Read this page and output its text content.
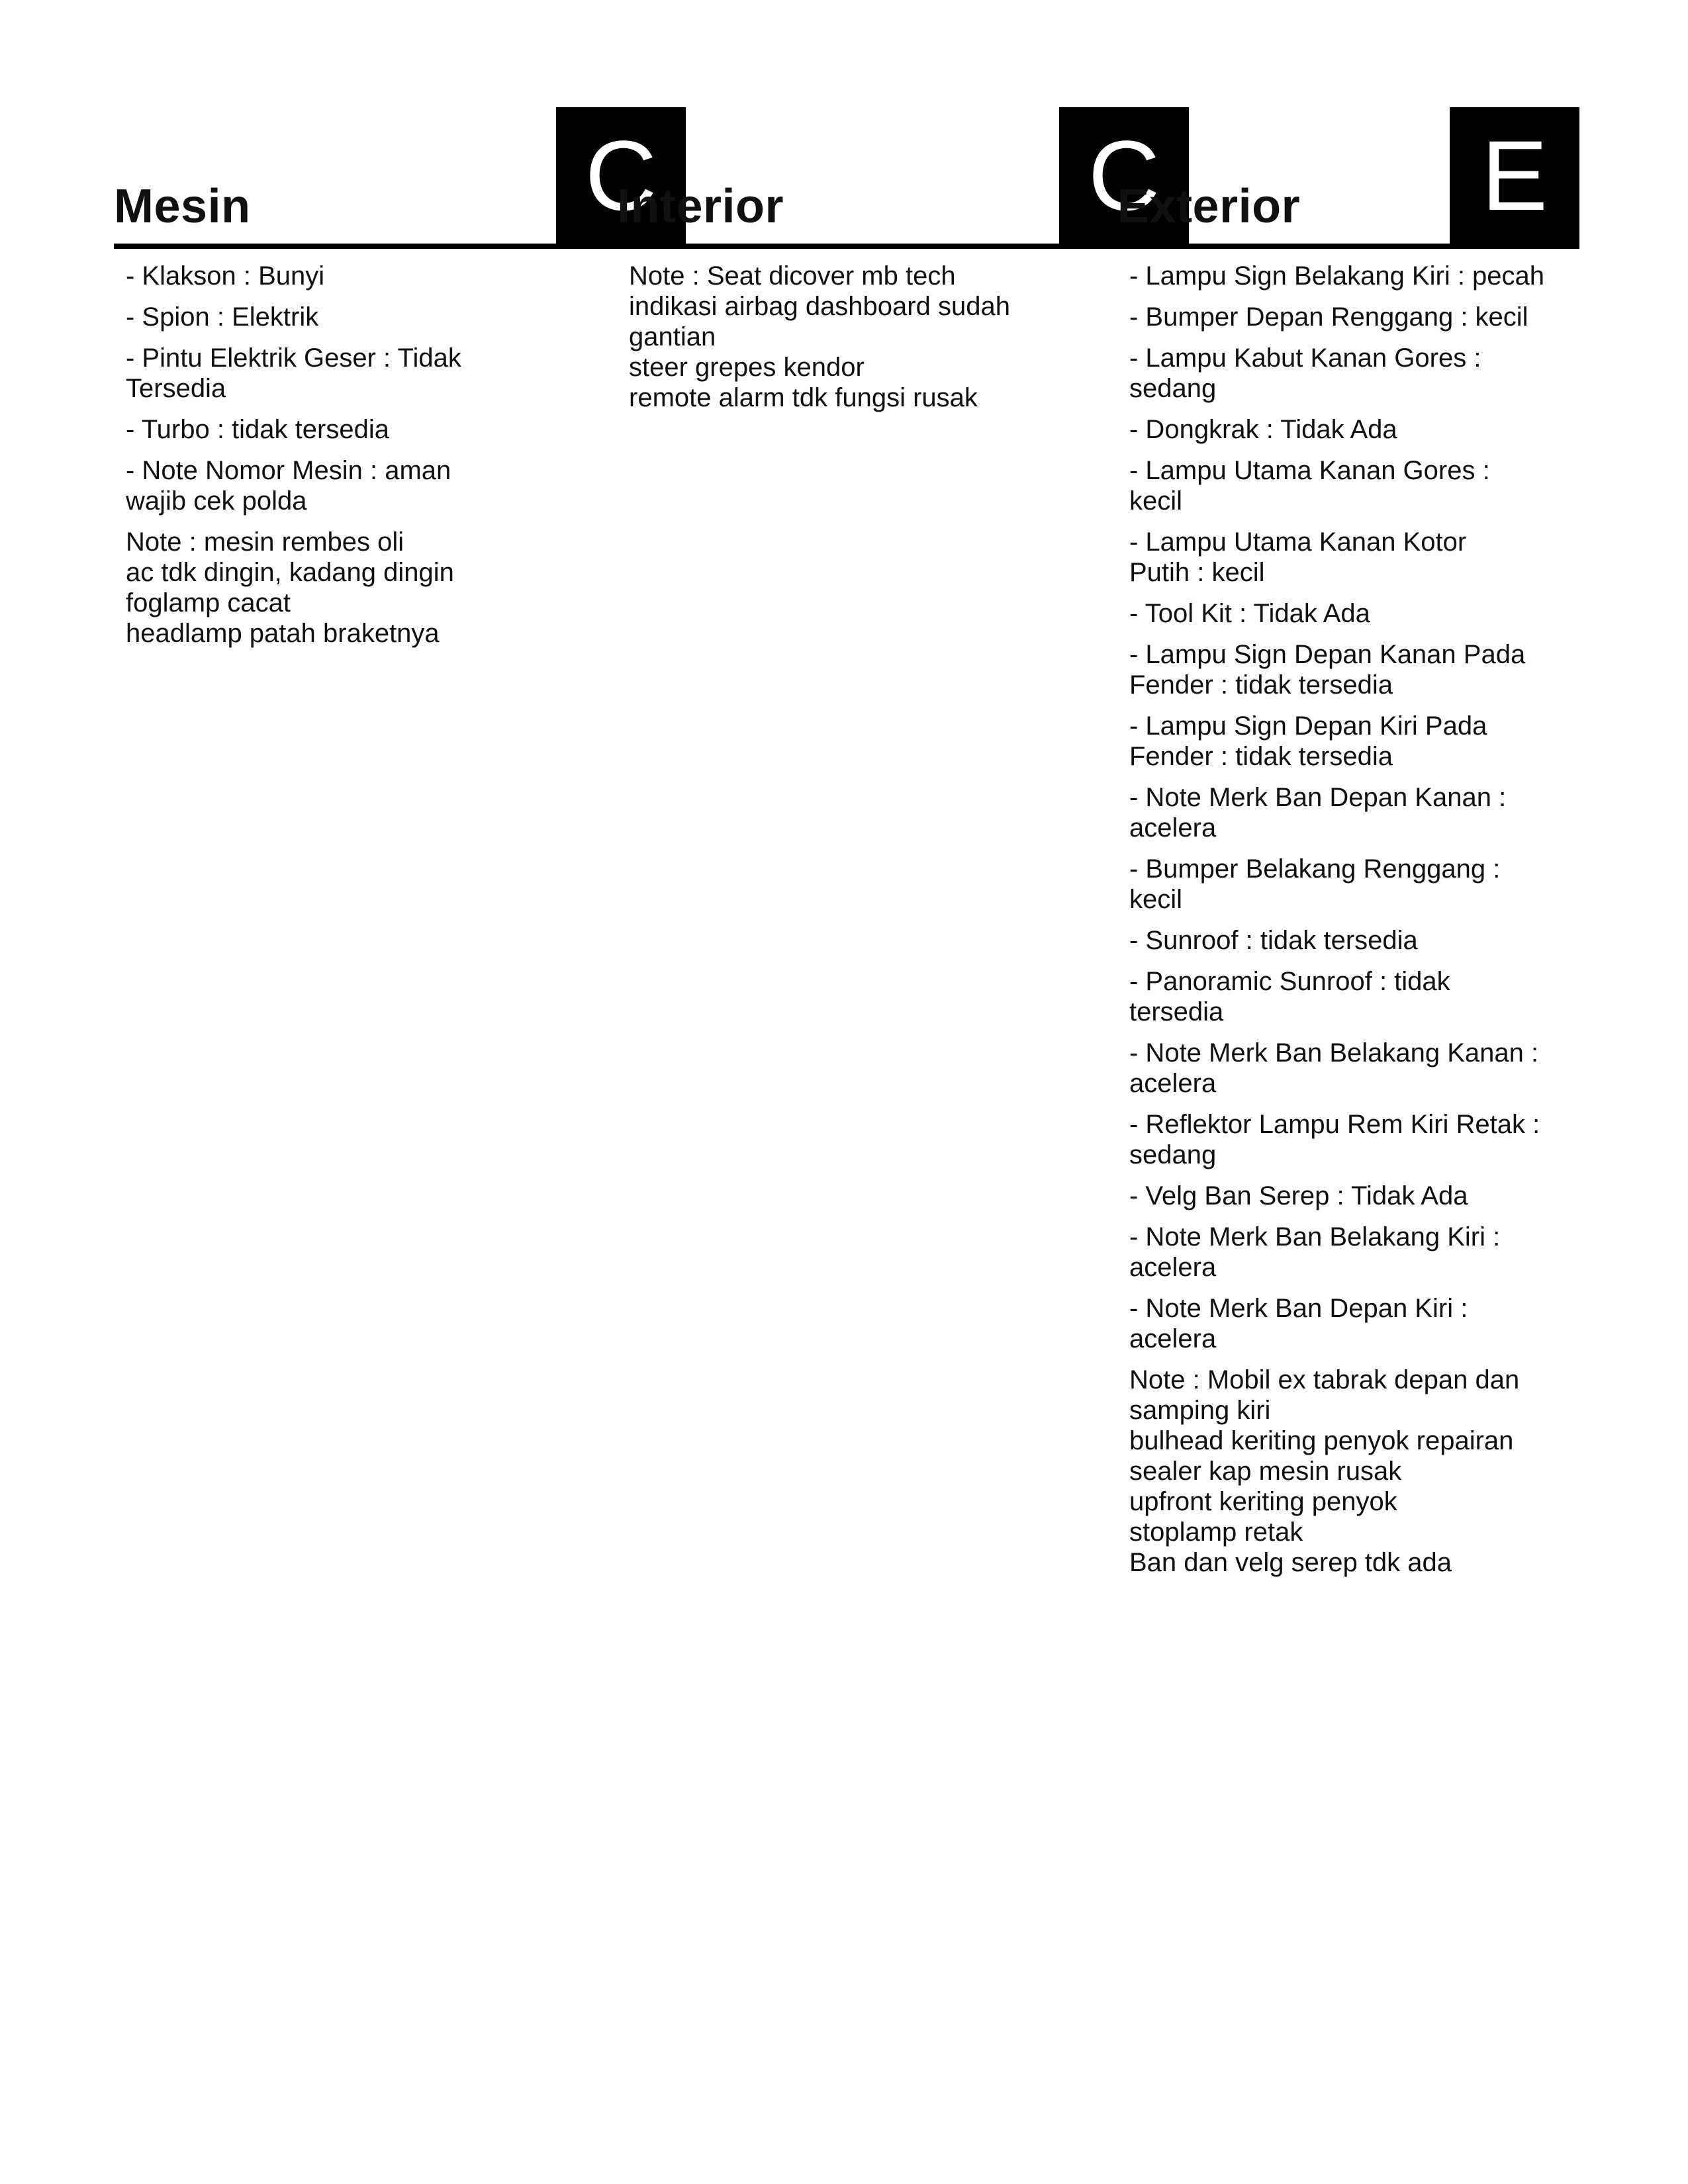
Mesin	C
- Klakson : Bunyi
- Spion : Elektrik
- Pintu Elektrik Geser : Tidak
Tersedia
- Turbo : tidak tersedia
- Note Nomor Mesin : aman
wajib cek polda

Note : mesin rembes oli
ac tdk dingin, kadang dingin
foglamp cacat
headlamp patah braketnya

Interior	C

Note : Seat dicover mb tech
indikasi airbag dashboard sudah
gantian
steer grepes kendor
remote alarm tdk fungsi rusak

Exterior	E
- Lampu Sign Belakang Kiri : pecah
- Bumper Depan Renggang : kecil
- Lampu Kabut Kanan Gores :
sedang
- Dongkrak : Tidak Ada
- Lampu Utama Kanan Gores :
kecil
- Lampu Utama Kanan Kotor
Putih : kecil
- Tool Kit : Tidak Ada
- Lampu Sign Depan Kanan Pada
Fender : tidak tersedia
- Lampu Sign Depan Kiri Pada
Fender : tidak tersedia
- Note Merk Ban Depan Kanan :
acelera
- Bumper Belakang Renggang :
kecil
- Sunroof : tidak tersedia
- Panoramic Sunroof : tidak
tersedia
- Note Merk Ban Belakang Kanan :
acelera
- Reflektor Lampu Rem Kiri Retak :
sedang
- Velg Ban Serep : Tidak Ada
- Note Merk Ban Belakang Kiri :
acelera
- Note Merk Ban Depan Kiri :
acelera

Note : Mobil ex tabrak depan dan
samping kiri
bulhead keriting penyok repairan
sealer kap mesin rusak
upfront keriting penyok
stoplamp retak
Ban dan velg serep tdk ada
